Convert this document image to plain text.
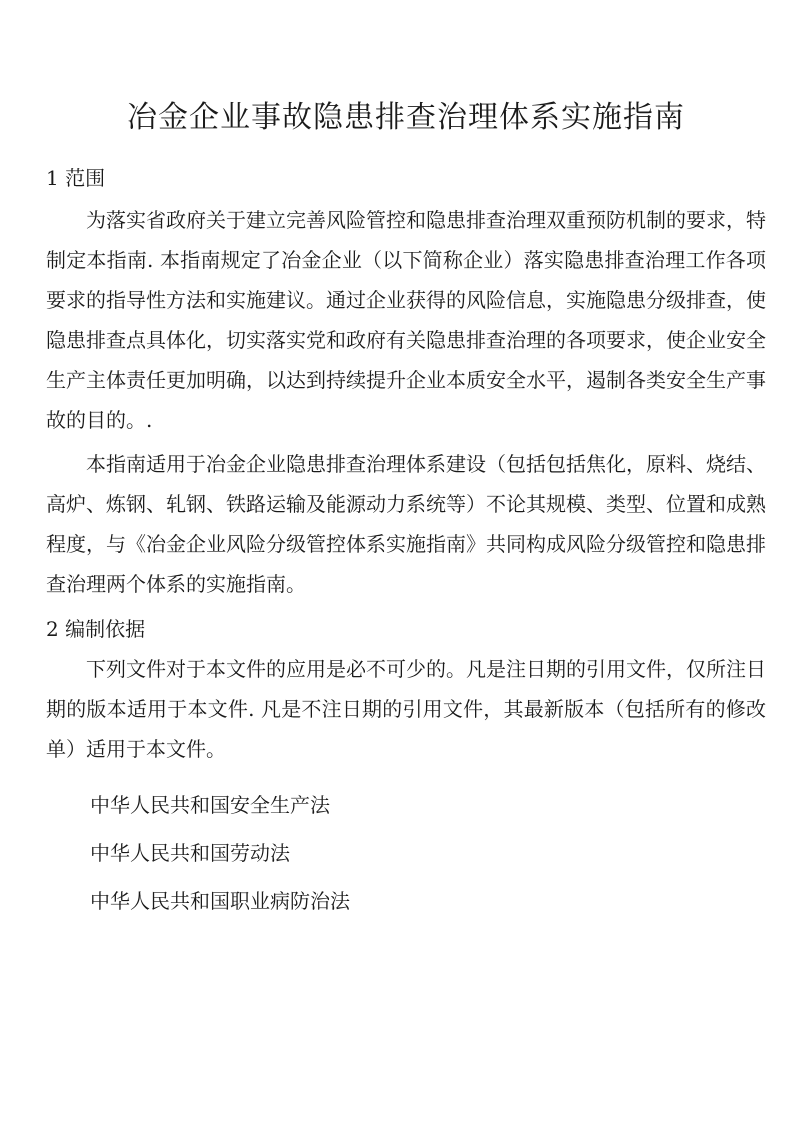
冶金企业事故隐患排查治理体系实施指南
1 范围

为落实省政府关于建立完善风险管控和隐患排查治理双重预防机制的要求，特制定本指南. 本指南规定了冶金企业（以下简称企业）落实隐患排查治理工作各项要求的指导性方法和实施建议。通过企业获得的风险信息，实施隐患分级排查，使隐患排查点具体化，切实落实党和政府有关隐患排查治理的各项要求，使企业安全生产主体责任更加明确，以达到持续提升企业本质安全水平，遏制各类安全生产事故的目的。.

本指南适用于冶金企业隐患排查治理体系建设（包括包括焦化，原料、烧结、高炉、炼钢、轧钢、铁路运输及能源动力系统等）不论其规模、类型、位置和成熟程度，与《冶金企业风险分级管控体系实施指南》共同构成风险分级管控和隐患排查治理两个体系的实施指南。

2 编制依据

下列文件对于本文件的应用是必不可少的。凡是注日期的引用文件，仅所注日期的版本适用于本文件. 凡是不注日期的引用文件，其最新版本（包括所有的修改单）适用于本文件。

中华人民共和国安全生产法
中华人民共和国劳动法
中华人民共和国职业病防治法
